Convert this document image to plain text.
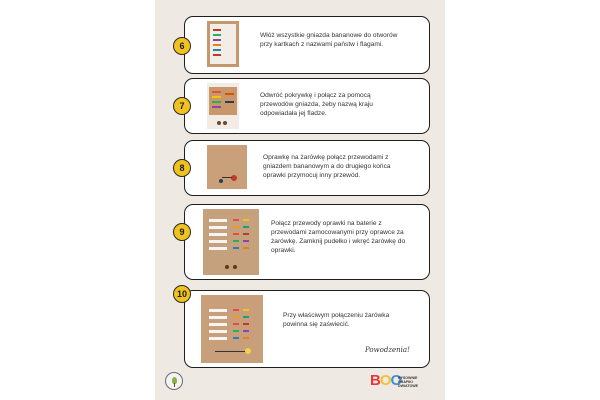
6
Włóż wszystkie gniazda bananowe do otworów przy kartkach z nazwami państw i flagami.
7
Odwróć pokrywkę i połącz za pomocą przewodów gniazda, żeby nazwą kraju odpowiadała jej fladze.
8
Oprawkę na żarówkę połącz przewodami z gniazdem bananowym a do drugiego końca oprawki przymocuj inny przewód.
9
Połącz przewody oprawki na baterie z przewodami zamocowanymi przy oprawce za żarówkę. Zamknij pudełko i wkręć żarówkę do oprawki.
10
Przy właściwym połączeniu żarówka powinna się zaświecić.
Powodzenia!
BOO
RYSOWNIE
GRAFIKI
DWIATOWE
